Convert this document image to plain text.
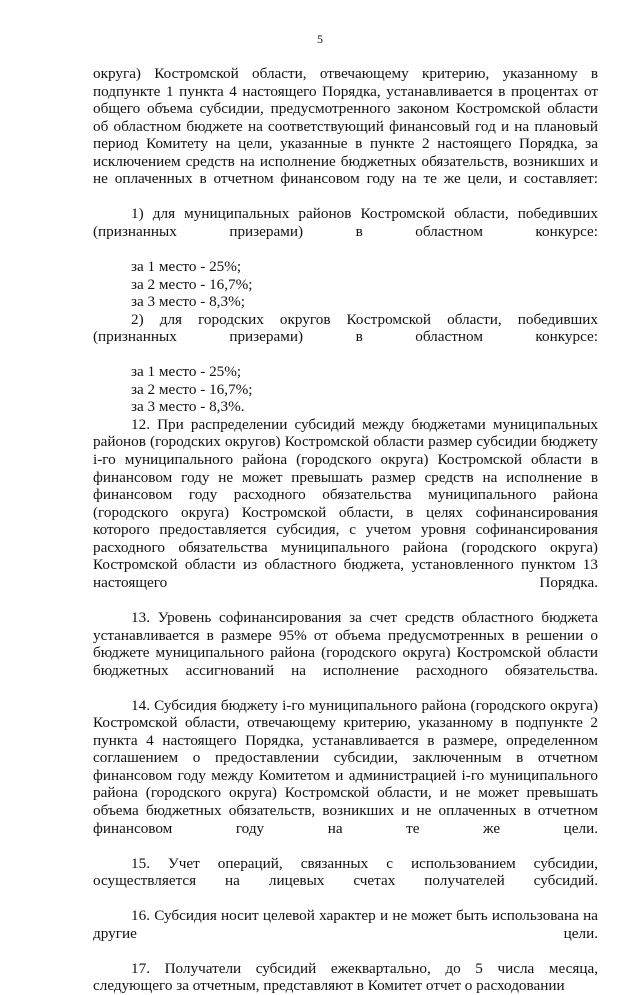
5

округа) Костромской области, отвечающему критерию, указанному в подпункте 1 пункта 4 настоящего Порядка, устанавливается в процентах от общего объема субсидии, предусмотренного законом Костромской области об областном бюджете на соответствующий финансовый год и на плановый период Комитету на цели, указанные в пункте 2 настоящего Порядка, за исключением средств на исполнение бюджетных обязательств, возникших и не оплаченных в отчетном финансовом году на те же цели, и составляет:

1) для муниципальных районов Костромской области, победивших (признанных призерами) в областном конкурсе:

за 1 место - 25%;

за 2 место - 16,7%;

за 3 место - 8,3%;

2) для городских округов Костромской области, победивших (признанных призерами) в областном конкурсе:

за 1 место - 25%;

за 2 место - 16,7%;

за 3 место - 8,3%.

12. При распределении субсидий между бюджетами муниципальных районов (городских округов) Костромской области размер субсидии бюджету i-го муниципального района (городского округа) Костромской области в финансовом году не может превышать размер средств на исполнение в финансовом году расходного обязательства муниципального района (городского округа) Костромской области, в целях софинансирования которого предоставляется субсидия, с учетом уровня софинансирования расходного обязательства муниципального района (городского округа) Костромской области из областного бюджета, установленного пунктом 13 настоящего Порядка.

13. Уровень софинансирования за счет средств областного бюджета устанавливается в размере 95% от объема предусмотренных в решении о бюджете муниципального района (городского округа) Костромской области бюджетных ассигнований на исполнение расходного обязательства.

14. Субсидия бюджету i-го муниципального района (городского округа) Костромской области, отвечающему критерию, указанному в подпункте 2 пункта 4 настоящего Порядка, устанавливается в размере, определенном соглашением о предоставлении субсидии, заключенным в отчетном финансовом году между Комитетом и администрацией i-го муниципального района (городского округа) Костромской области, и не может превышать объема бюджетных обязательств, возникших и не оплаченных в отчетном финансовом году на те же цели.

15. Учет операций, связанных с использованием субсидии, осуществляется на лицевых счетах получателей субсидий.

16. Субсидия носит целевой характер и не может быть использована на другие цели.

17. Получатели субсидий ежеквартально, до 5 числа месяца, следующего за отчетным, представляют в Комитет отчет о расходовании
